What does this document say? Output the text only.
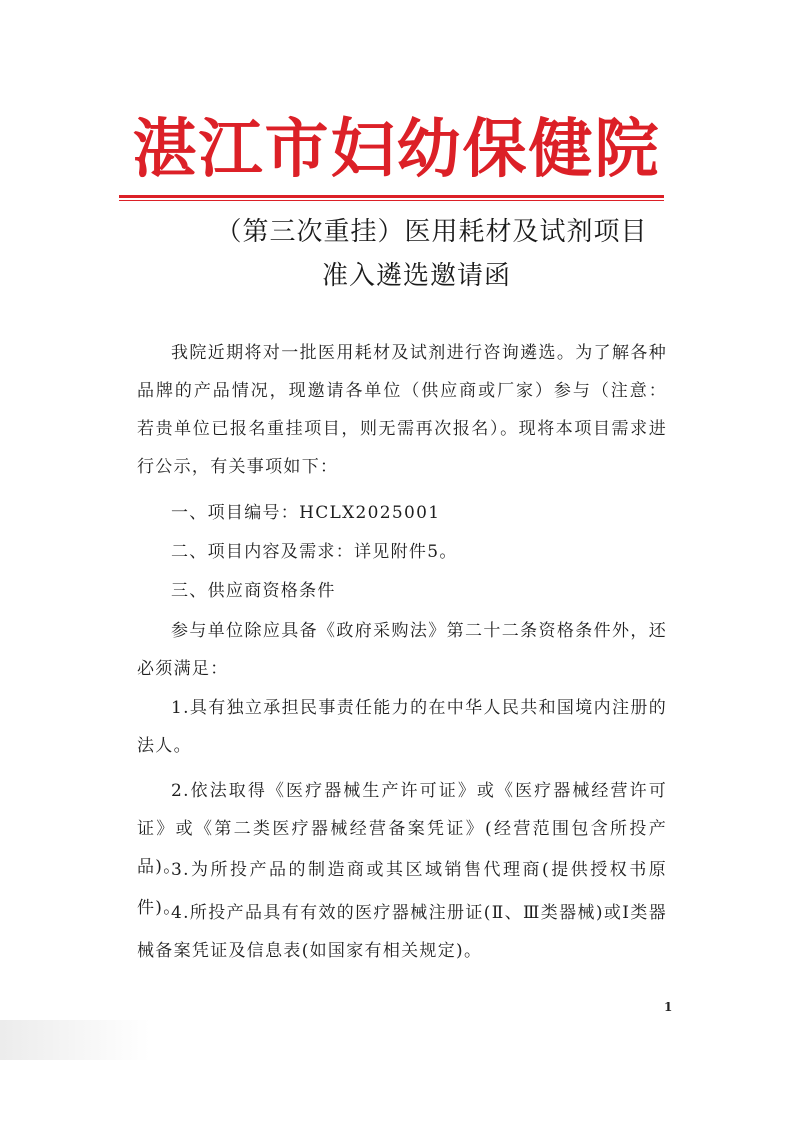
湛江市妇幼保健院
（第三次重挂）医用耗材及试剂项目
准入遴选邀请函
我院近期将对一批医用耗材及试剂进行咨询遴选。为了解各种品牌的产品情况，现邀请各单位（供应商或厂家）参与（注意：若贵单位已报名重挂项目，则无需再次报名）。现将本项目需求进行公示，有关事项如下：
一、项目编号：HCLX2025001
二、项目内容及需求：详见附件5。
三、供应商资格条件
参与单位除应具备《政府采购法》第二十二条资格条件外，还必须满足：
1.具有独立承担民事责任能力的在中华人民共和国境内注册的法人。
2.依法取得《医疗器械生产许可证》或《医疗器械经营许可证》或《第二类医疗器械经营备案凭证》(经营范围包含所投产品)。
3.为所投产品的制造商或其区域销售代理商(提供授权书原件)。
4.所投产品具有有效的医疗器械注册证(Ⅱ、Ⅲ类器械)或Ⅰ类器械备案凭证及信息表(如国家有相关规定)。
1
